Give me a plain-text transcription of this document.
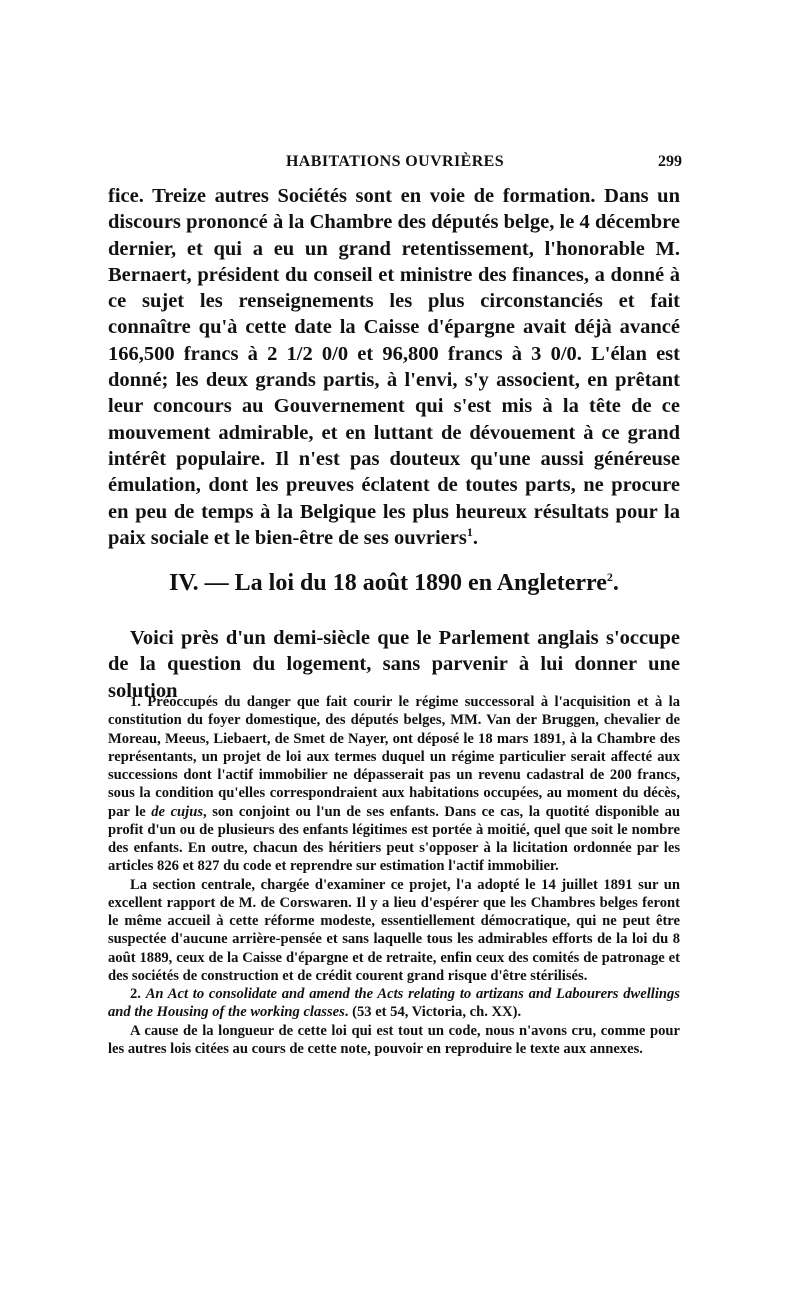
HABITATIONS OUVRIÈRES	299

fice. Treize autres Sociétés sont en voie de formation. Dans un discours prononcé à la Chambre des députés belge, le 4 décembre dernier, et qui a eu un grand retentissement, l'honorable M. Bernaert, président du conseil et ministre des finances, a donné à ce sujet les renseignements les plus circonstanciés et fait connaître qu'à cette date la Caisse d'épargne avait déjà avancé 166,500 francs à 2 1/2 0/0 et 96,800 francs à 3 0/0. L'élan est donné; les deux grands partis, à l'envi, s'y associent, en prêtant leur concours au Gouvernement qui s'est mis à la tête de ce mouvement admirable, et en luttant de dévouement à ce grand intérêt populaire. Il n'est pas douteux qu'une aussi généreuse émulation, dont les preuves éclatent de toutes parts, ne procure en peu de temps à la Belgique les plus heureux résultats pour la paix sociale et le bien-être de ses ouvriers$^1$.

IV. — La loi du 18 août 1890 en Angleterre$^2$.

Voici près d'un demi-siècle que le Parlement anglais s'occupe de la question du logement, sans parvenir à lui donner une solution

1. Préoccupés du danger que fait courir le régime successoral à l'acquisition et à la constitution du foyer domestique, des députés belges, MM. Van der Bruggen, chevalier de Moreau, Meeus, Liebaert, de Smet de Nayer, ont déposé le 18 mars 1891, à la Chambre des représentants, un projet de loi aux termes duquel un régime particulier serait affecté aux successions dont l'actif immobilier ne dépasserait pas un revenu cadastral de 200 francs, sous la condition qu'elles correspondraient aux habitations occupées, au moment du décès, par le de cujus, son conjoint ou l'un de ses enfants. Dans ce cas, la quotité disponible au profit d'un ou de plusieurs des enfants légitimes est portée à moitié, quel que soit le nombre des enfants. En outre, chacun des héritiers peut s'opposer à la licitation ordonnée par les articles 826 et 827 du code et reprendre sur estimation l'actif immobilier.

La section centrale, chargée d'examiner ce projet, l'a adopté le 14 juillet 1891 sur un excellent rapport de M. de Corswaren. Il y a lieu d'espérer que les Chambres belges feront le même accueil à cette réforme modeste, essentiellement démocratique, qui ne peut être suspectée d'aucune arrière-pensée et sans laquelle tous les admirables efforts de la loi du 8 août 1889, ceux de la Caisse d'épargne et de retraite, enfin ceux des comités de patronage et des sociétés de construction et de crédit courent grand risque d'être stérilisés.

2. An Act to consolidate and amend the Acts relating to artizans and Labourers dwellings and the Housing of the working classes. (53 et 54, Victoria, ch. XX).

A cause de la longueur de cette loi qui est tout un code, nous n'avons cru, comme pour les autres lois citées au cours de cette note, pouvoir en reproduire le texte aux annexes.
